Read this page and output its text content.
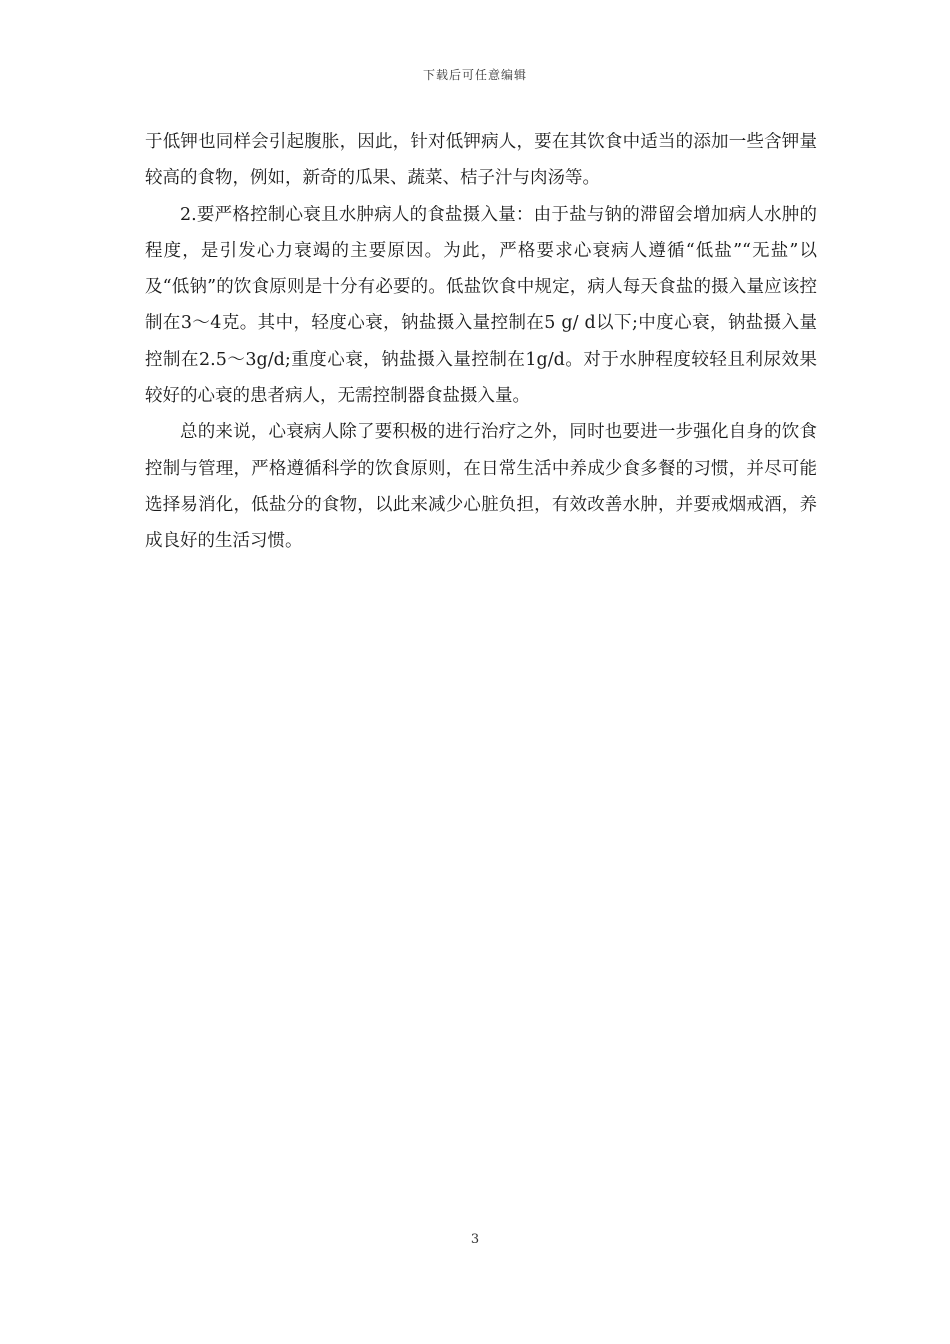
下载后可任意编辑

于低钾也同样会引起腹胀，因此，针对低钾病人，要在其饮食中适当的添加一些含钾量较高的食物，例如，新奇的瓜果、蔬菜、桔子汁与肉汤等。

2.要严格控制心衰且水肿病人的食盐摄入量：由于盐与钠的滞留会增加病人水肿的程度，是引发心力衰竭的主要原因。为此，严格要求心衰病人遵循“低盐”“无盐”以及“低钠”的饮食原则是十分有必要的。低盐饮食中规定，病人每天食盐的摄入量应该控制在3～4克。其中，轻度心衰，钠盐摄入量控制在5 g/ d以下;中度心衰，钠盐摄入量控制在2.5～3g/d;重度心衰，钠盐摄入量控制在1g/d。对于水肿程度较轻且利尿效果较好的心衰的患者病人，无需控制器食盐摄入量。

总的来说，心衰病人除了要积极的进行治疗之外，同时也要进一步强化自身的饮食控制与管理，严格遵循科学的饮食原则，在日常生活中养成少食多餐的习惯，并尽可能选择易消化，低盐分的食物，以此来减少心脏负担，有效改善水肿，并要戒烟戒酒，养成良好的生活习惯。

3
